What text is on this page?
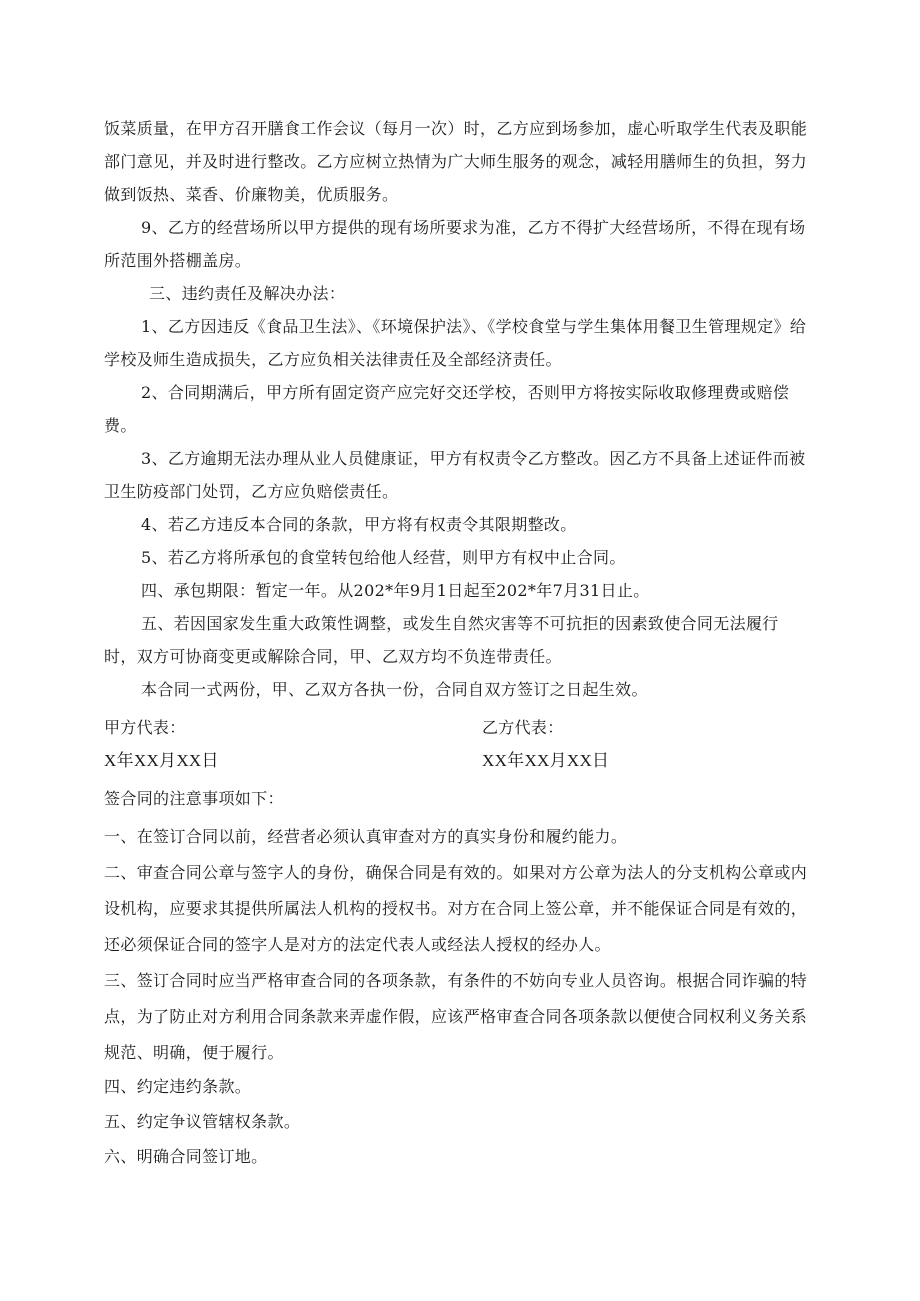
饭菜质量，在甲方召开膳食工作会议（每月一次）时，乙方应到场参加，虚心听取学生代表及职能部门意见，并及时进行整改。乙方应树立热情为广大师生服务的观念，减轻用膳师生的负担，努力做到饭热、菜香、价廉物美，优质服务。

9、乙方的经营场所以甲方提供的现有场所要求为准，乙方不得扩大经营场所，不得在现有场所范围外搭棚盖房。

三、违约责任及解决办法：

1、乙方因违反《食品卫生法》、《环境保护法》、《学校食堂与学生集体用餐卫生管理规定》给学校及师生造成损失，乙方应负相关法律责任及全部经济责任。

2、合同期满后，甲方所有固定资产应完好交还学校，否则甲方将按实际收取修理费或赔偿费。

3、乙方逾期无法办理从业人员健康证，甲方有权责令乙方整改。因乙方不具备上述证件而被卫生防疫部门处罚，乙方应负赔偿责任。

4、若乙方违反本合同的条款，甲方将有权责令其限期整改。

5、若乙方将所承包的食堂转包给他人经营，则甲方有权中止合同。

四、承包期限：暂定一年。从202*年9月1日起至202*年7月31日止。

五、若因国家发生重大政策性调整，或发生自然灾害等不可抗拒的因素致使合同无法履行时，双方可协商变更或解除合同，甲、乙双方均不负连带责任。

本合同一式两份，甲、乙双方各执一份，合同自双方签订之日起生效。

甲方代表：	乙方代表：

X年XX月XX日	XX年XX月XX日

签合同的注意事项如下：

一、在签订合同以前，经营者必须认真审查对方的真实身份和履约能力。

二、审查合同公章与签字人的身份，确保合同是有效的。如果对方公章为法人的分支机构公章或内设机构，应要求其提供所属法人机构的授权书。对方在合同上签公章，并不能保证合同是有效的，还必须保证合同的签字人是对方的法定代表人或经法人授权的经办人。

三、签订合同时应当严格审查合同的各项条款，有条件的不妨向专业人员咨询。根据合同诈骗的特点，为了防止对方利用合同条款来弄虚作假，应该严格审查合同各项条款以便使合同权利义务关系规范、明确，便于履行。

四、约定违约条款。

五、约定争议管辖权条款。

六、明确合同签订地。
